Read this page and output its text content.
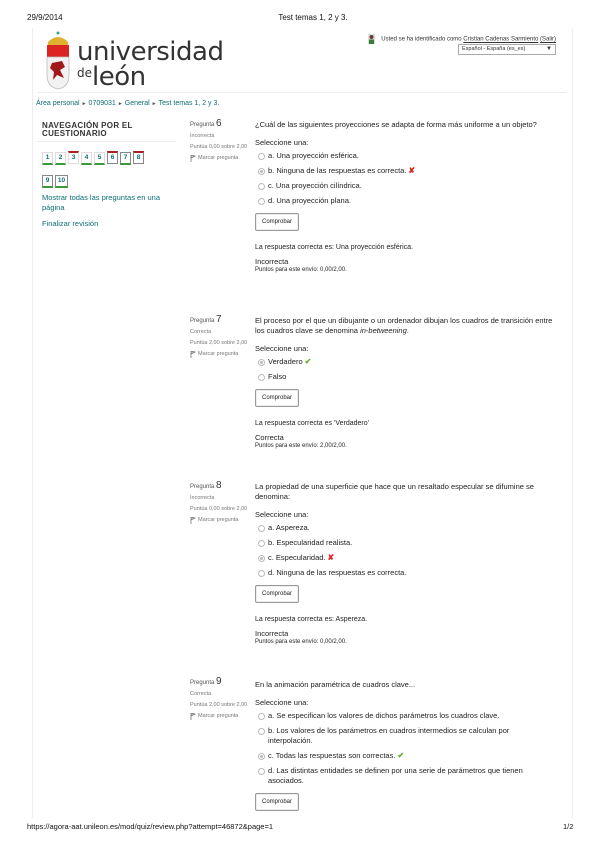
29/9/2014	Test temas 1, 2 y 3.
universidad
de león
Usted se ha identificado como Cristian Cadenas Sarmiento (Salir)
Español - España (es_es)	▼
Área personal ► 0709031 ► General ► Test temas 1, 2 y 3.
NAVEGACIÓN POR EL CUESTIONARIO
1 2 3 4 5 6 7 8
9 10
Mostrar todas las preguntas en una página
Finalizar revisión
Pregunta 6
Incorrecta
Puntúa 0,00 sobre 2,00
Marcar pregunta
¿Cuál de las siguientes proyecciones se adapta de forma más uniforme a un objeto?
Seleccione una:
a. Una proyección esférica.
b. Ninguna de las respuestas es correcta. ✘
c. Una proyección cilíndrica.
d. Una proyección plana.
Comprobar
La respuesta correcta es: Una proyección esférica.
Incorrecta
Puntos para este envío: 0,00/2,00.
Pregunta 7
Correcta
Puntúa 2,00 sobre 2,00
Marcar pregunta
El proceso por el que un dibujante o un ordenador dibujan los cuadros de transición entre los cuadros clave se denomina in-betweening.
Seleccione una:
Verdadero ✔
Falso
Comprobar
La respuesta correcta es 'Verdadero'
Correcta
Puntos para este envío: 2,00/2,00.
Pregunta 8
Incorrecta
Puntúa 0,00 sobre 2,00
Marcar pregunta
La propiedad de una superficie que hace que un resaltado especular se difumine se denomina:
Seleccione una:
a. Aspereza.
b. Especularidad realista.
c. Especularidad. ✘
d. Ninguna de las respuestas es correcta.
Comprobar
La respuesta correcta es: Aspereza.
Incorrecta
Puntos para este envío: 0,00/2,00.
Pregunta 9
Correcta
Puntúa 2,00 sobre 2,00
Marcar pregunta
En la animación paramétrica de cuadros clave...
Seleccione una:
a. Se especifican los valores de dichos parámetros los cuadros clave.
b. Los valores de los parámetros en cuadros intermedios se calculan por interpolación.
c. Todas las respuestas son correctas. ✔
d. Las distintas entidades se definen por una serie de parámetros que tienen asociados.
Comprobar
https://agora-aat.unileon.es/mod/quiz/review.php?attempt=46872&page=1	1/2
